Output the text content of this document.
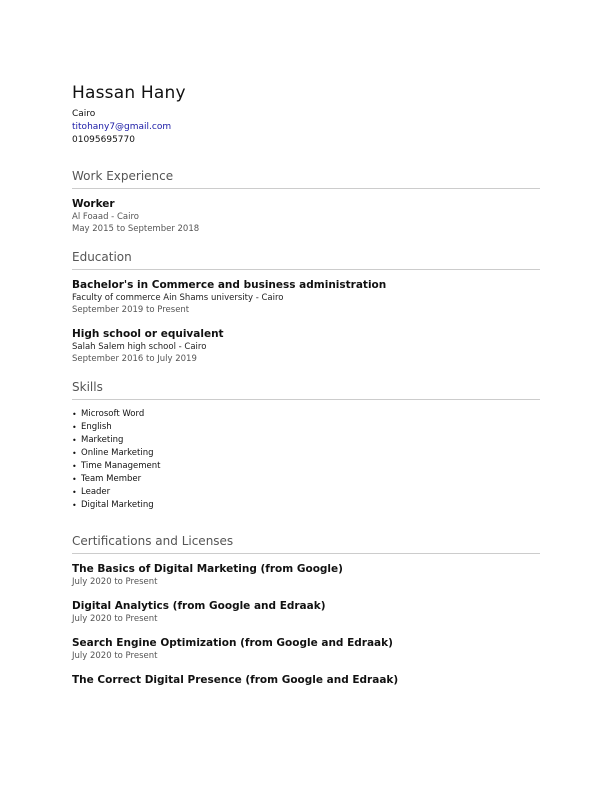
Hassan Hany
Cairo
titohany7@gmail.com
01095695770
Work Experience
Worker
Al Foaad - Cairo
May 2015 to September 2018
Education
Bachelor's in Commerce and business administration
Faculty of commerce Ain Shams university - Cairo
September 2019 to Present
High school or equivalent
Salah Salem high school - Cairo
September 2016 to July 2019
Skills
• Microsoft Word
• English
• Marketing
• Online Marketing
• Time Management
• Team Member
• Leader
• Digital Marketing
Certifications and Licenses
The Basics of Digital Marketing (from Google)
July 2020 to Present
Digital Analytics (from Google and Edraak)
July 2020 to Present
Search Engine Optimization (from Google and Edraak)
July 2020 to Present
The Correct Digital Presence (from Google and Edraak)
